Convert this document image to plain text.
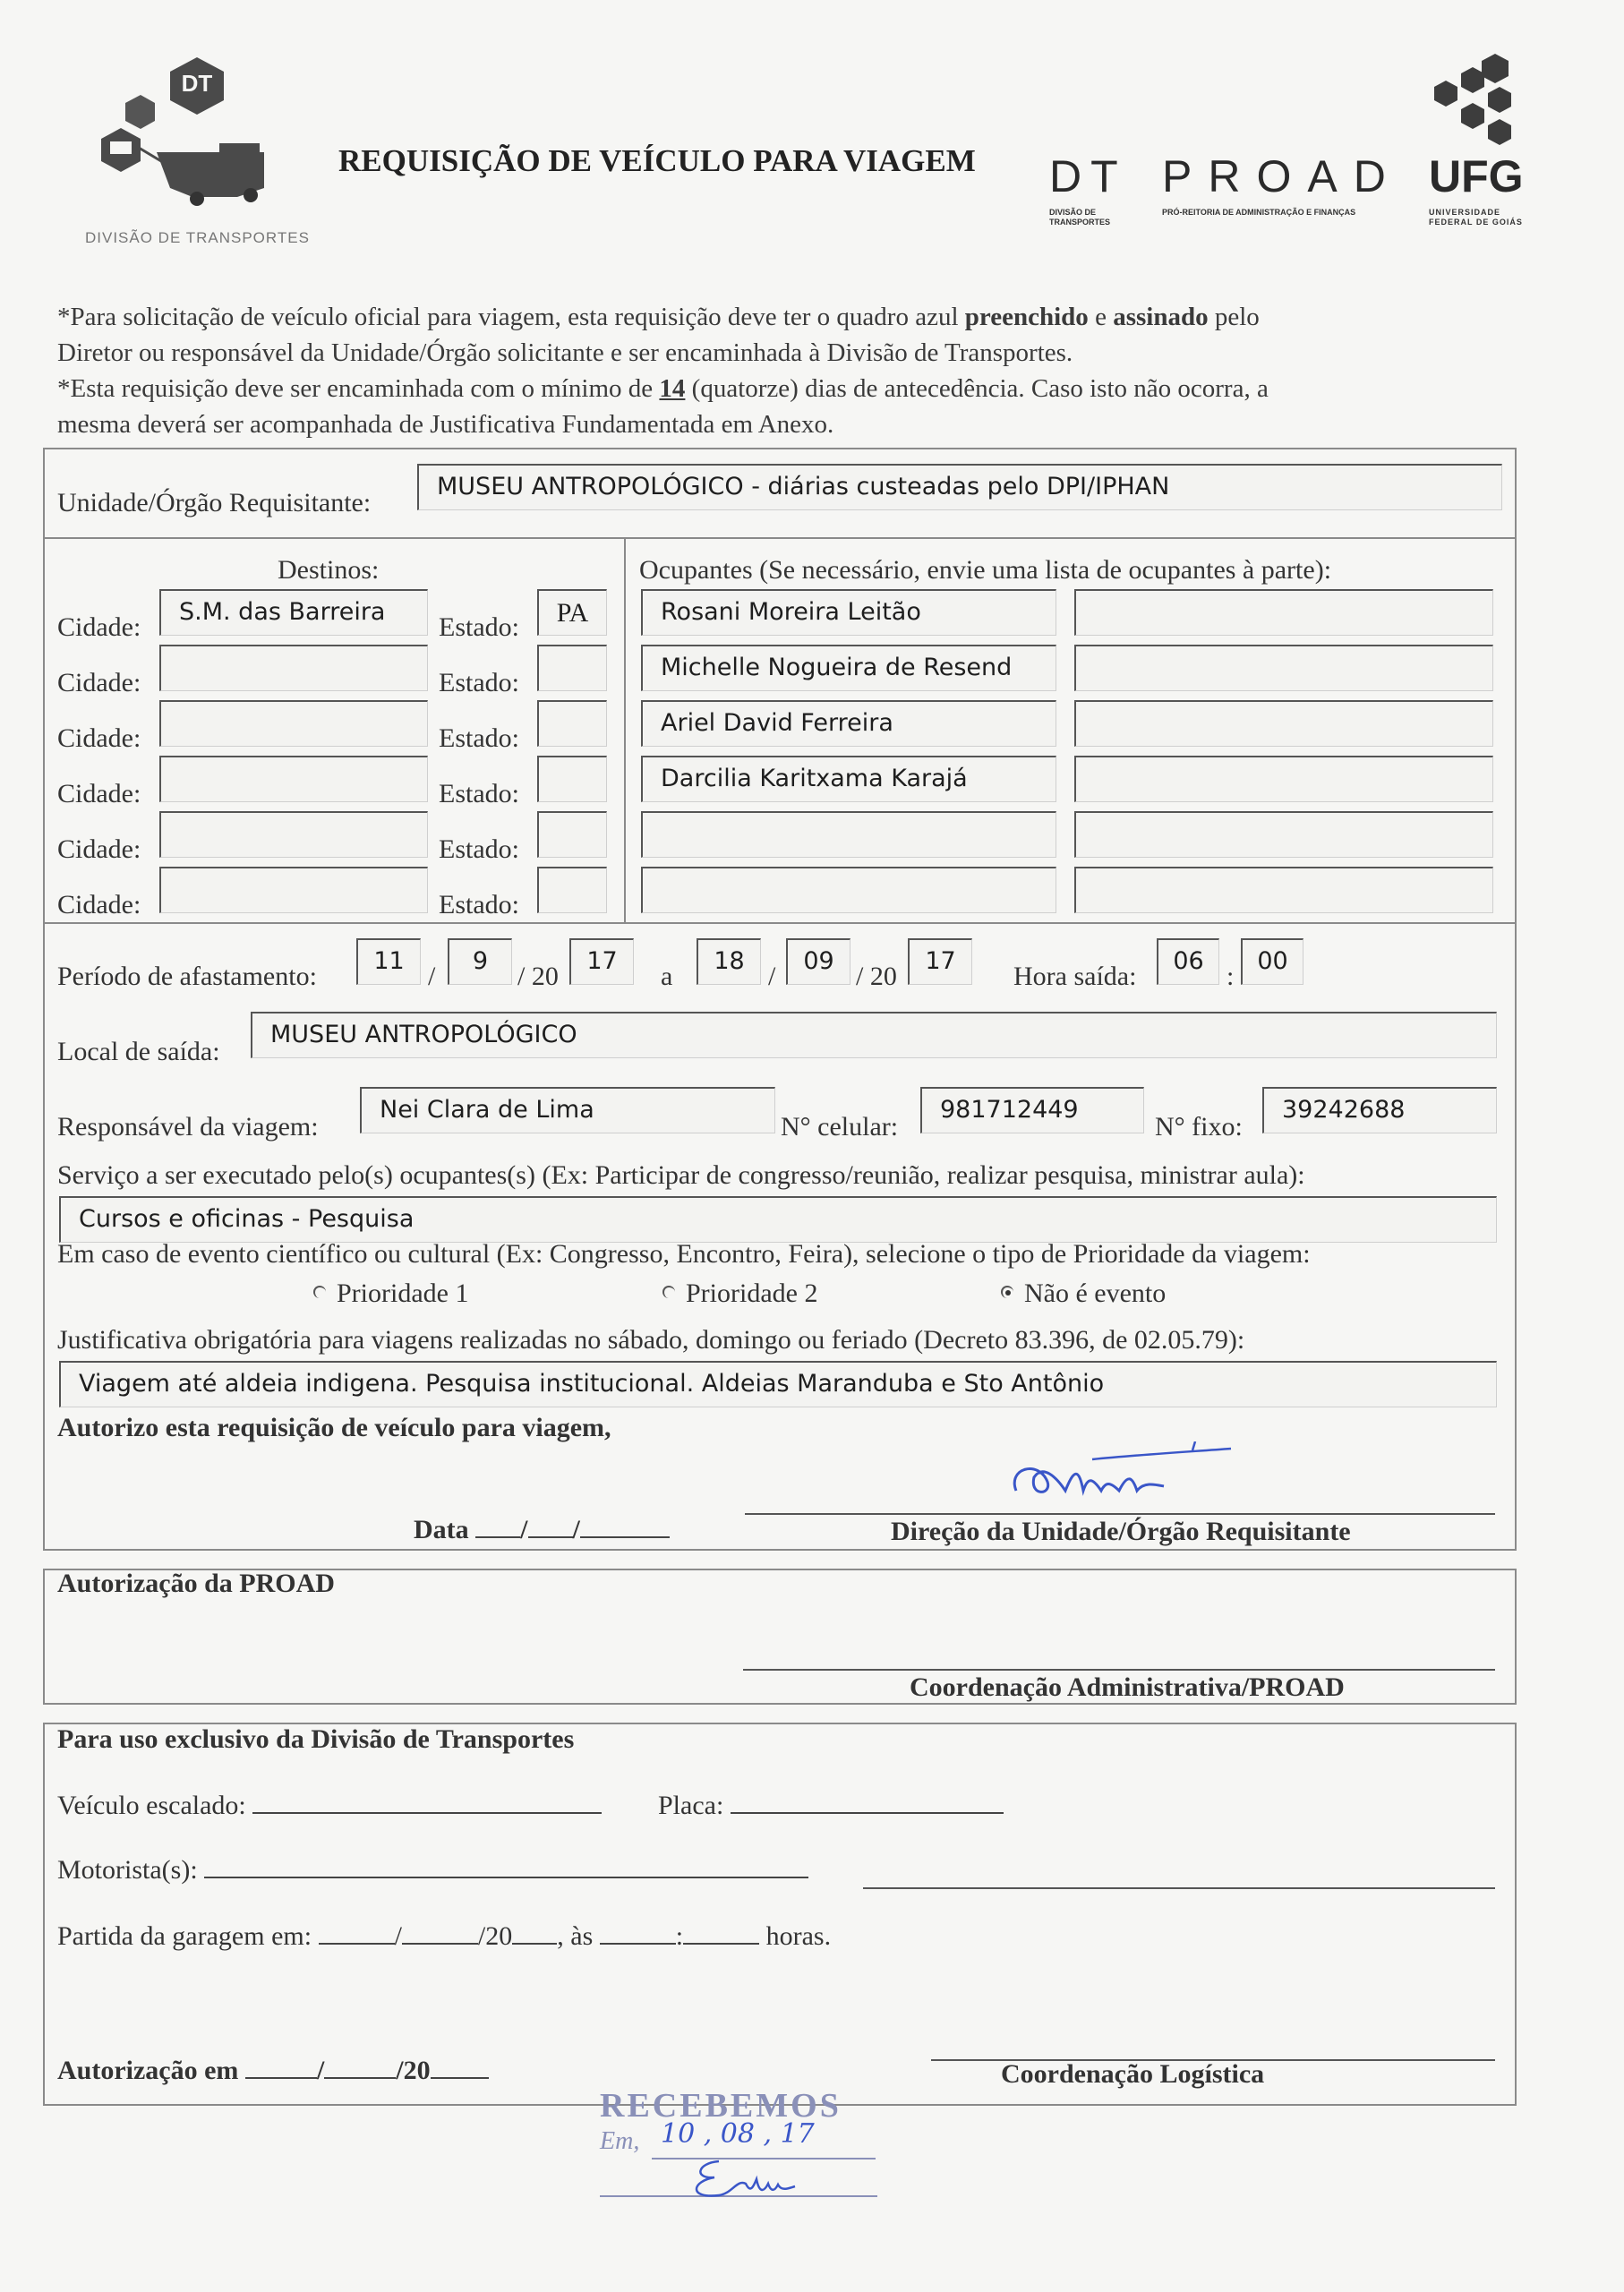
DT
DIVISÃO DE TRANSPORTES
REQUISIÇÃO DE VEÍCULO PARA VIAGEM DT
DIVISÃO DE TRANSPORTES
PROAD
PRÓ-REITORIA DE ADMINISTRAÇÃO E FINANÇAS
UFG
UNIVERSIDADE FEDERAL DE GOIÁS
*Para solicitação de veículo oficial para viagem, esta requisição deve ter o quadro azul preenchido e assinado pelo
Diretor ou responsável da Unidade/Órgão solicitante e ser encaminhada à Divisão de Transportes.
*Esta requisição deve ser encaminhada com o mínimo de 14 (quatorze) dias de antecedência. Caso isto não ocorra, a
mesma deverá ser acompanhada de Justificativa Fundamentada em Anexo.
Unidade/Órgão Requisitante:
MUSEU ANTROPOLÓGICO - diárias custeadas pelo DPI/IPHAN
Destinos:
Cidade:
S.M. das Barreira
Estado:	PA
Cidade:	Estado:
Cidade:	Estado:
Cidade:	Estado:
Cidade:	Estado:
Cidade:	Estado:
Ocupantes (Se necessário, envie uma lista de ocupantes à parte):
Rosani Moreira Leitão
Michelle Nogueira de Resend
Ariel David Ferreira
Darcilia Karitxama Karajá
Período de afastamento:
11
/
9
/ 20
17
a
18
/
09
/ 20
17
Hora saída:
06
:
00
Local de saída:
MUSEU ANTROPOLÓGICO
Responsável da viagem:
Nei Clara de Lima
N° celular:
981712449
N° fixo:
39242688
Serviço a ser executado pelo(s) ocupantes(s) (Ex: Participar de congresso/reunião, realizar pesquisa, ministrar aula):
Cursos e oficinas - Pesquisa
Em caso de evento científico ou cultural (Ex: Congresso, Encontro, Feira), selecione o tipo de Prioridade da viagem:
Prioridade 1	Prioridade 2	Não é evento
Justificativa obrigatória para viagens realizadas no sábado, domingo ou feriado (Decreto 83.396, de 02.05.79):
Viagem até aldeia indigena. Pesquisa institucional. Aldeias Maranduba e Sto Antônio
Autorizo esta requisição de veículo para viagem,
Data / /	Direção da Unidade/Órgão Requisitante
Autorização da PROAD
Coordenação Administrativa/PROAD
Para uso exclusivo da Divisão de Transportes
Veículo escalado:	Placa:
Motorista(s):
Partida da garagem em:	/	/20 , às	:	horas.
Autorização em	/	/20	Coordenação Logística
RECEBEMOS
Em, 10 , 08 , 17
